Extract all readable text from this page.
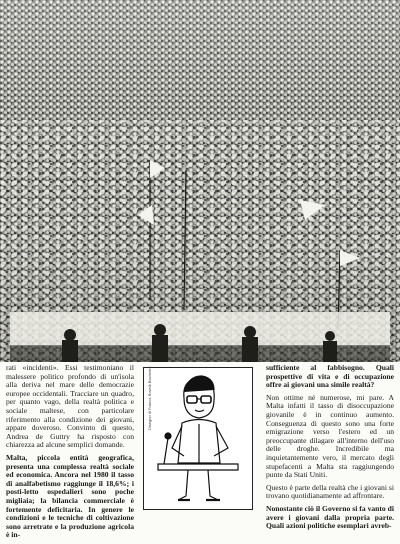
rati «incidenti». Essi testimoniano il malessere politico profondo di un'isola alla deriva nel mare delle democrazie europee occidentali. Tracciare un quadro, per quanto vago, della realtà politica e sociale maltese, con particolare riferimento alla condizione dei giovani, appare doveroso. Convinto di questo, Andrea de Guttry ha risposto con chiarezza ad alcune semplici domande.

Malta, piccola entità geografica, presenta una complessa realtà sociale ed economica. Ancora nel 1980 il tasso di analfabetismo raggiunge il 18,6%; i posti-letto ospedalieri sono poche migliaia; la bilancia commerciale è fortemente deficitaria. In genere le condizioni e le tecniche di coltivazione sono arretrate e la produzione agricola è in-

Disegno di Franca Rovelli Bacherini	sufficiente al fabbisogno. Quali prospettive di vita e di occupazione offre ai giovani una simile realtà?

Non ottime né numerose, mi pare. A Malta infatti il tasso di disoccupazione giovanile è in continuo aumento. Conseguenza di questo sono una forte emigrazione verso l'estero ed un preoccupante dilagare all'interno dell'uso delle droghe. Incredibile ma inquietantemente vero, il mercato degli stupefacenti a Malta sta raggiungendo punte da Stati Uniti.

Questo è parte della realtà che i giovani si trovano quotidianamente ad affrontare.

Nonostante ciò il Governo si fa vanto di avere i giovani dalla propria parte. Quali azioni politiche esemplari avreb-
